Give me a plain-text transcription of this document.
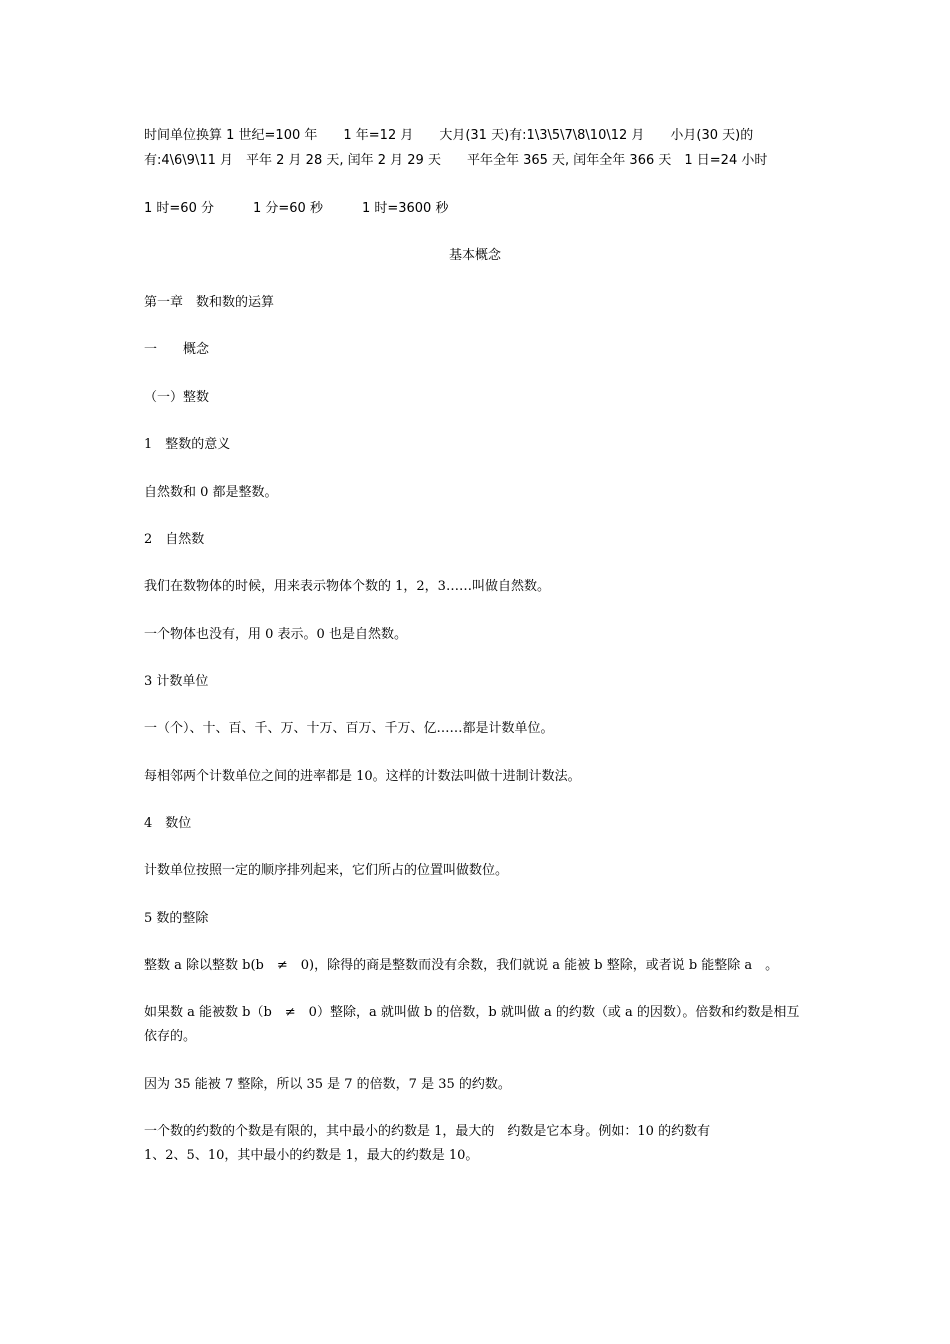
时间单位换算 1 世纪=100 年　　1 年=12 月　　大月(31 天)有:1\3\5\7\8\10\12 月　　小月(30 天)的
有:4\6\9\11 月　平年 2 月 28 天, 闰年 2 月 29 天　　平年全年 365 天, 闰年全年 366 天　1 日=24 小时
1 时=60 分　　　1 分=60 秒　　　1 时=3600 秒
基本概念
第一章　数和数的运算
一　　概念
（一）整数
1　整数的意义
自然数和 0 都是整数。
2　自然数
我们在数物体的时候，用来表示物体个数的 1，2，3……叫做自然数。
一个物体也没有，用 0 表示。0 也是自然数。
3 计数单位
一（个）、十、百、千、万、十万、百万、千万、亿……都是计数单位。
每相邻两个计数单位之间的进率都是 10。这样的计数法叫做十进制计数法。
4　数位
计数单位按照一定的顺序排列起来，它们所占的位置叫做数位。
5 数的整除
整数 a 除以整数 b(b　≠　0)，除得的商是整数而没有余数，我们就说 a 能被 b 整除，或者说 b 能整除 a　。
如果数 a 能被数 b（b　≠　0）整除，a 就叫做 b 的倍数，b 就叫做 a 的约数（或 a 的因数）。倍数和约数是相互
依存的。
因为 35 能被 7 整除，所以 35 是 7 的倍数，7 是 35 的约数。
一个数的约数的个数是有限的，其中最小的约数是 1，最大的　约数是它本身。例如：10 的约数有
1、2、5、10，其中最小的约数是 1，最大的约数是 10。
